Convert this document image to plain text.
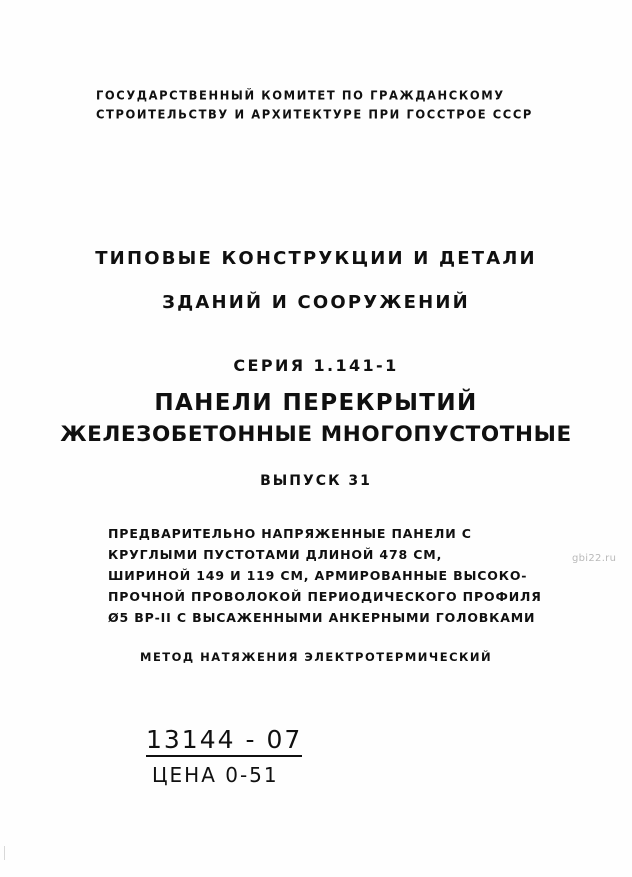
ГОСУДАРСТВЕННЫЙ КОМИТЕТ ПО ГРАЖДАНСКОМУ
СТРОИТЕЛЬСТВУ И АРХИТЕКТУРЕ ПРИ ГОССТРОЕ СССР
ТИПОВЫЕ КОНСТРУКЦИИ И ДЕТАЛИ
ЗДАНИЙ И СООРУЖЕНИЙ
СЕРИЯ 1.141-1
ПАНЕЛИ ПЕРЕКРЫТИЙ
ЖЕЛЕЗОБЕТОННЫЕ МНОГОПУСТОТНЫЕ
ВЫПУСК 31
ПРЕДВАРИТЕЛЬНО НАПРЯЖЕННЫЕ ПАНЕЛИ С
КРУГЛЫМИ ПУСТОТАМИ ДЛИНОЙ 478 СМ,
ШИРИНОЙ 149 И 119 СМ, АРМИРОВАННЫЕ ВЫСОКО-
ПРОЧНОЙ ПРОВОЛОКОЙ ПЕРИОДИЧЕСКОГО ПРОФИЛЯ
Ø5 ВР-II С ВЫСАЖЕННЫМИ АНКЕРНЫМИ ГОЛОВКАМИ
МЕТОД НАТЯЖЕНИЯ ЭЛЕКТРОТЕРМИЧЕСКИЙ
13144 - 07
ЦЕНА 0-51
gbi22.ru
